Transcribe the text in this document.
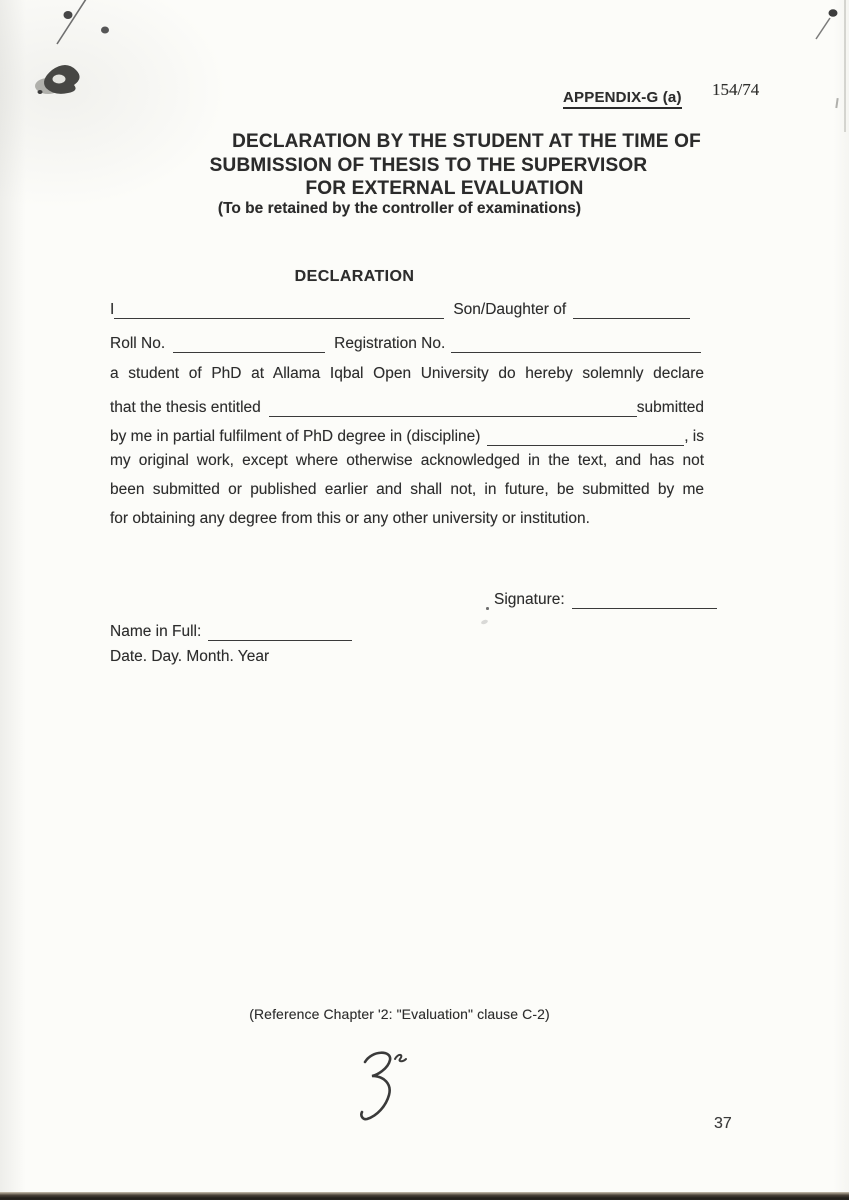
APPENDIX-G (a) 154/74
DECLARATION BY THE STUDENT AT THE TIME OF
SUBMISSION OF THESIS TO THE SUPERVISOR
FOR EXTERNAL EVALUATION
(To be retained by the controller of examinations)
DECLARATION
I	Son/Daughter of
Roll No.	Registration No.
a student of PhD at Allama Iqbal Open University do hereby solemnly declare
that the thesis entitled	submitted
by me in partial fulfilment of PhD degree in (discipline)	, is
my original work, except where otherwise acknowledged in the text, and has not
been submitted or published earlier and shall not, in future, be submitted by me
for obtaining any degree from this or any other university or institution.
Signature:
Name in Full:
Date. Day. Month. Year
(Reference Chapter '2: "Evaluation" clause C-2)
37
